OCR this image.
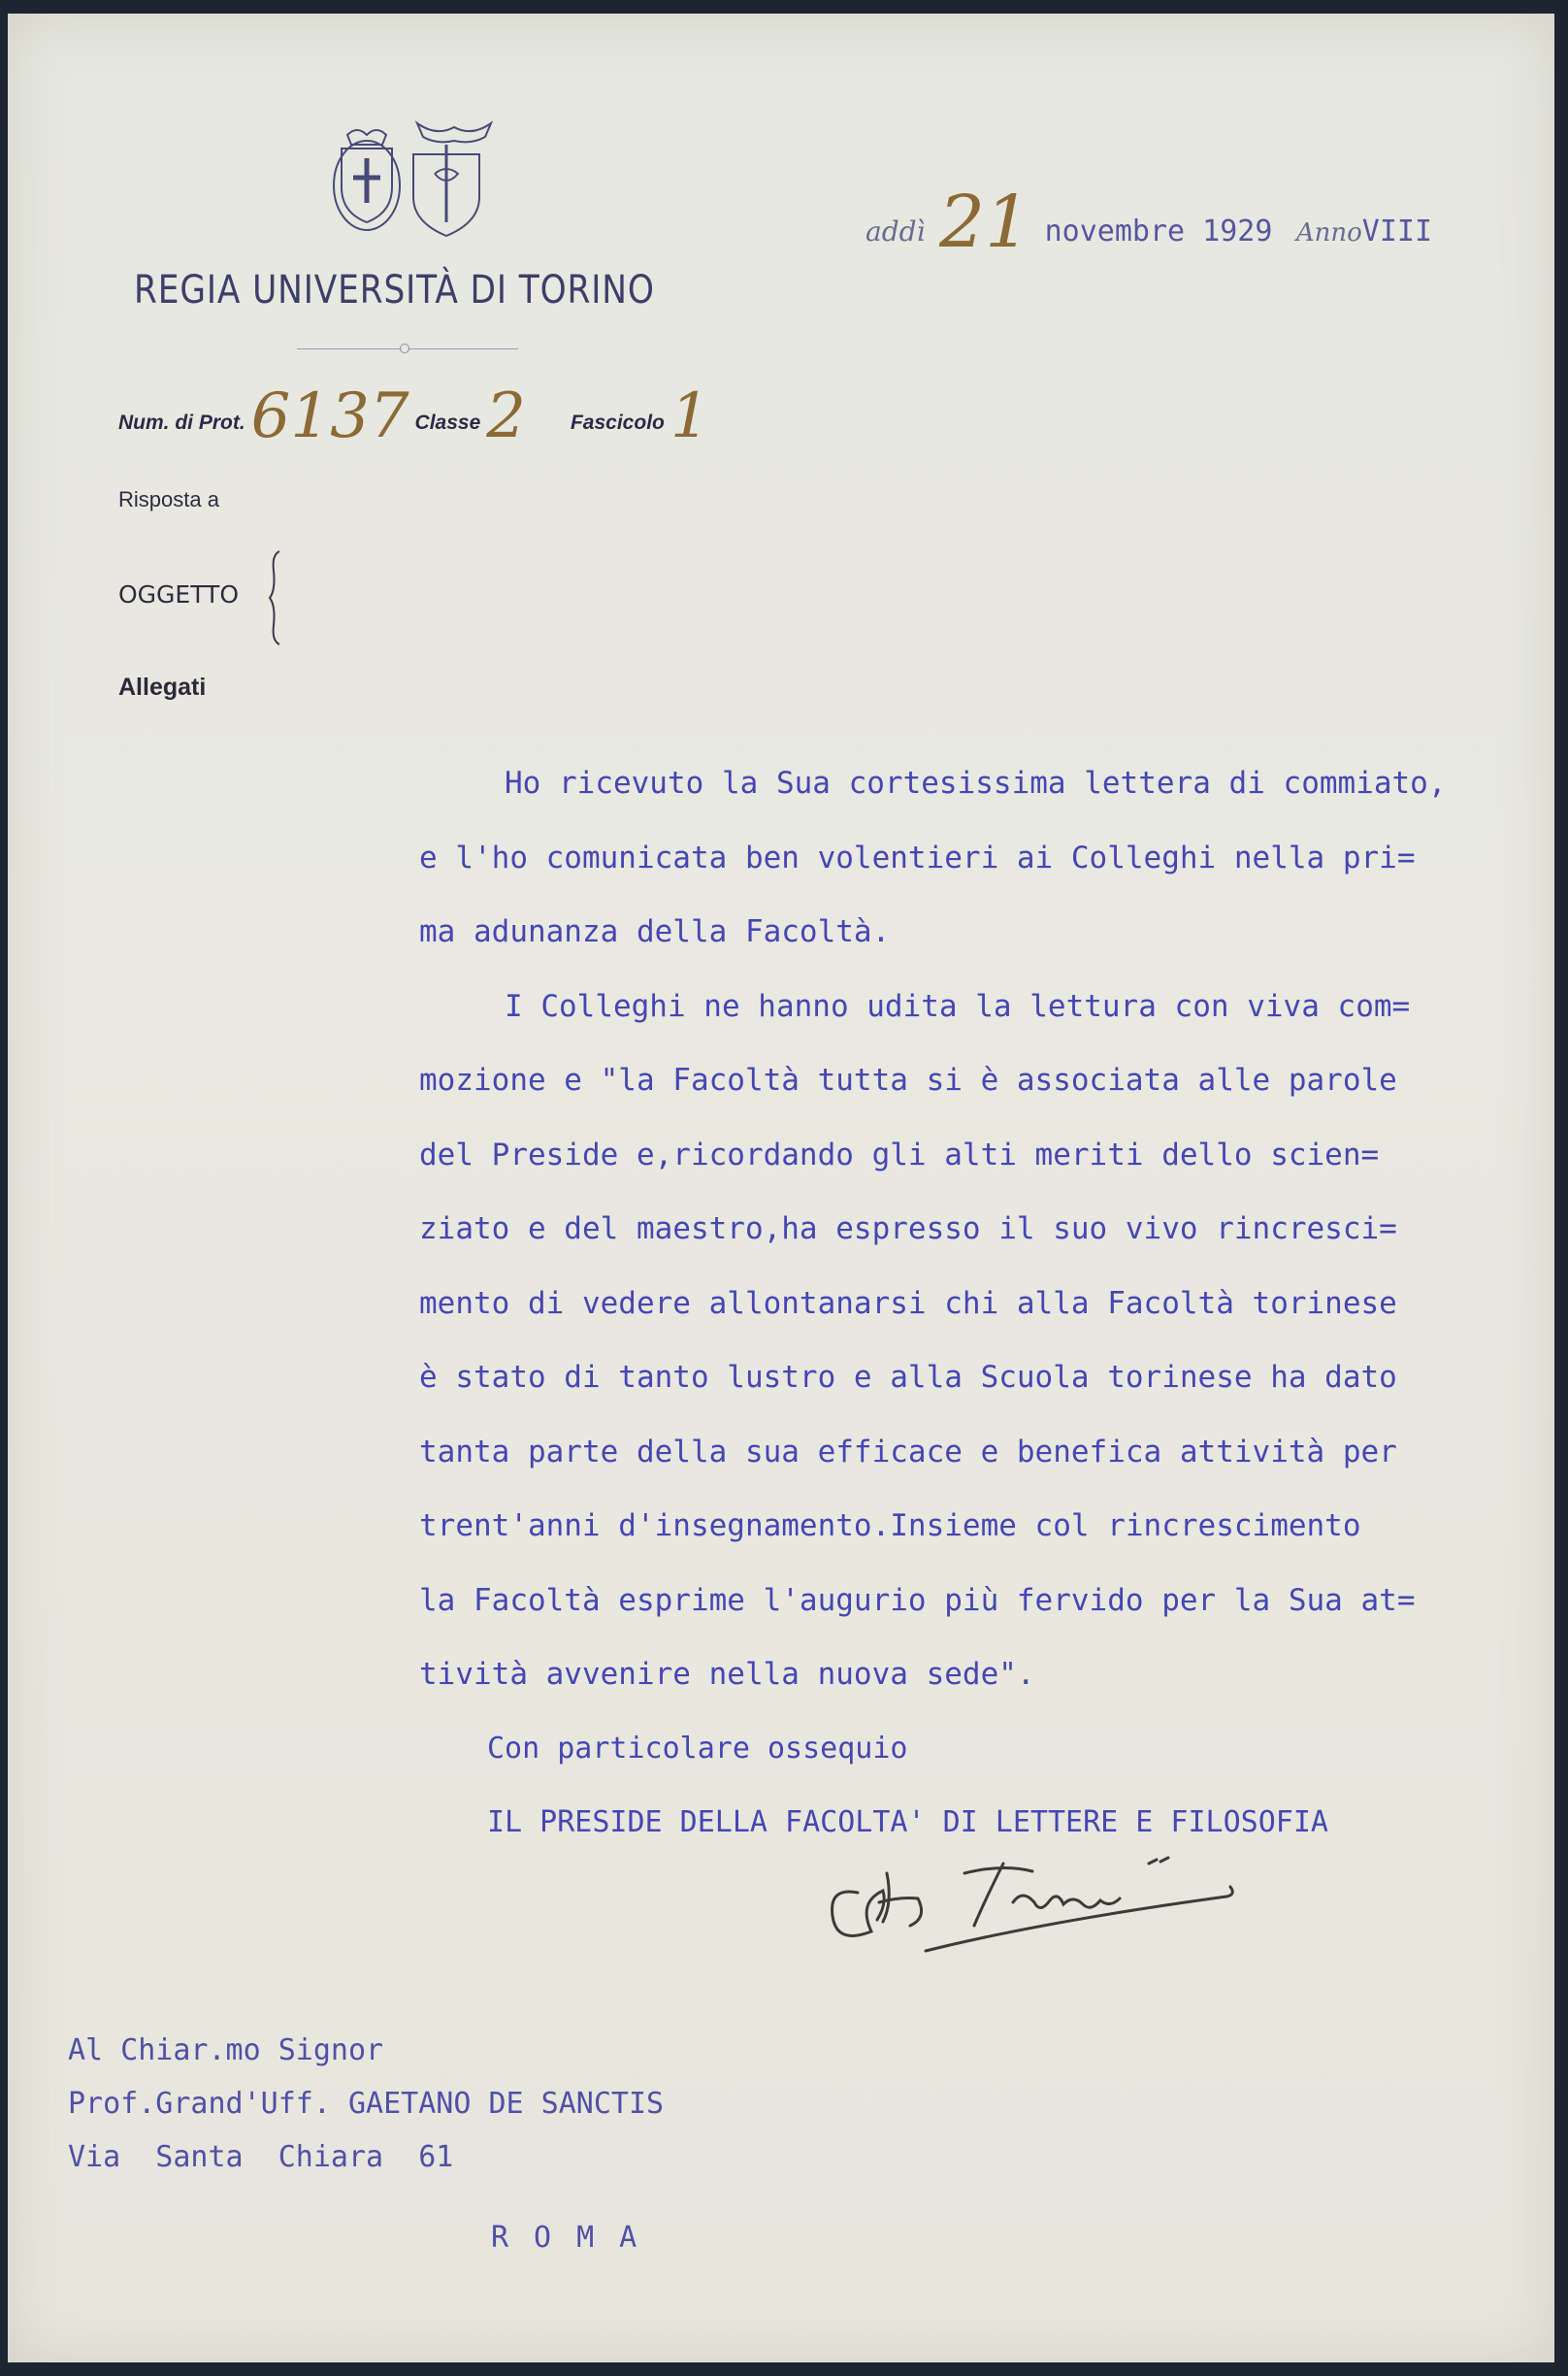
REGIA UNIVERSITÀ DI TORINO
addì 21 novembre 1929 AnnoVIII
Num. di Prot.6137 Classe2 Fascicolo1
Risposta a
OGGETTO
Allegati
Ho ricevuto la Sua cortesissima lettera di commiato,
e l'ho comunicata ben volentieri ai Colleghi nella pri=
ma adunanza della Facoltà.
I Colleghi ne hanno udita la lettura con viva com=
mozione e "la Facoltà tutta si è associata alle parole
del Preside e,ricordando gli alti meriti dello scien=
ziato e del maestro,ha espresso il suo vivo rincresci=
mento di vedere allontanarsi chi alla Facoltà torinese
è stato di tanto lustro e alla Scuola torinese ha dato
tanta parte della sua efficace e benefica attività per
trent'anni d'insegnamento.Insieme col rincrescimento
la Facoltà esprime l'augurio più fervido per la Sua at=
tività avvenire nella nuova sede".
Con particolare ossequio
IL PRESIDE DELLA FACOLTA' DI LETTERE E FILOSOFIA
Al Chiar.mo Signor
Prof.Grand'Uff. GAETANO DE SANCTIS
Via  Santa  Chiara  61
ROMA
